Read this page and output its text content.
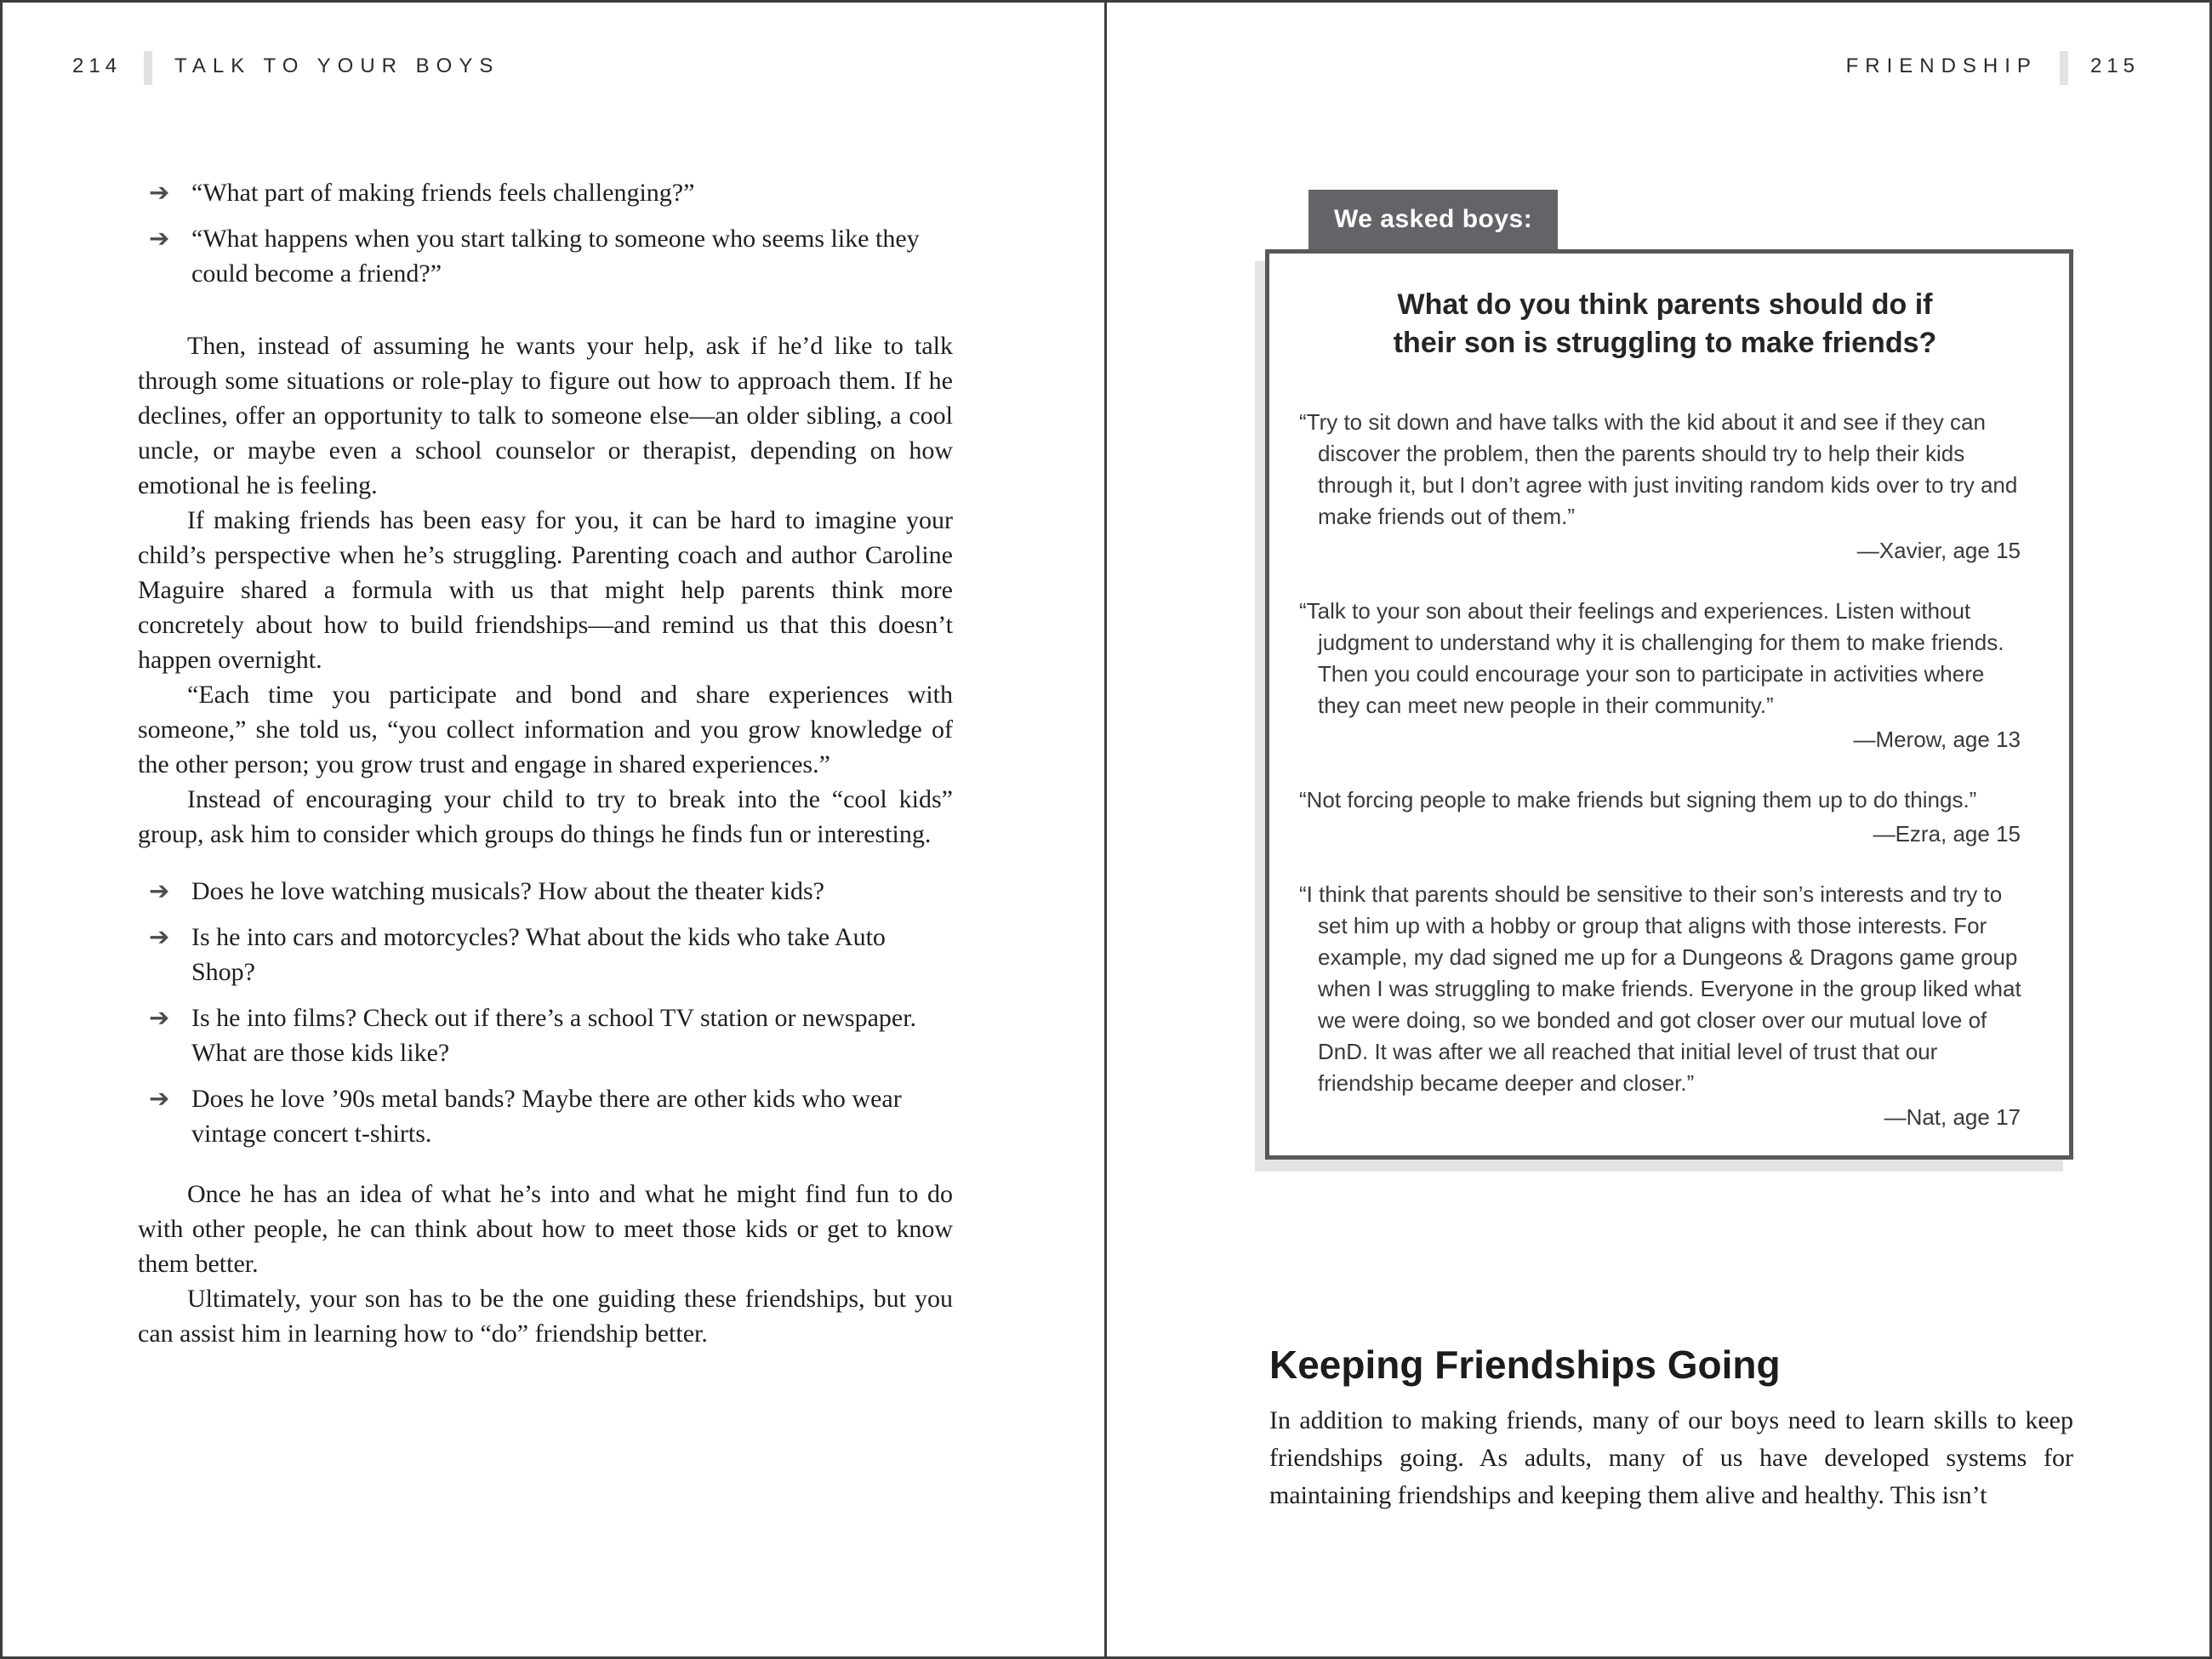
214	TALK TO YOUR BOYS
➔ “What part of making friends feels challenging?”
➔ “What happens when you start talking to someone who seems like they could become a friend?”

Then, instead of assuming he wants your help, ask if he’d like to talk through some situations or role-play to figure out how to approach them. If he declines, offer an opportunity to talk to someone else—an older sibling, a cool uncle, or maybe even a school counselor or therapist, depending on how emotional he is feeling.

If making friends has been easy for you, it can be hard to imagine your child’s perspective when he’s struggling. Parenting coach and author Caroline Maguire shared a formula with us that might help parents think more concretely about how to build friendships—and remind us that this doesn’t happen overnight.

“Each time you participate and bond and share experiences with someone,” she told us, “you collect information and you grow knowledge of the other person; you grow trust and engage in shared experiences.”

Instead of encouraging your child to try to break into the “cool kids” group, ask him to consider which groups do things he finds fun or interesting.

➔ Does he love watching musicals? How about the theater kids?
➔ Is he into cars and motorcycles? What about the kids who take Auto Shop?
➔ Is he into films? Check out if there’s a school TV station or newspaper. What are those kids like?
➔ Does he love ’90s metal bands? Maybe there are other kids who wear vintage concert t-shirts.

Once he has an idea of what he’s into and what he might find fun to do with other people, he can think about how to meet those kids or get to know them better.

Ultimately, your son has to be the one guiding these friendships, but you can assist him in learning how to “do” friendship better.

FRIENDSHIP	215
We asked boys:
What do you think parents should do if
their son is struggling to make friends?
“Try to sit down and have talks with the kid about it and see if they can discover the problem, then the parents should try to help their kids through it, but I don’t agree with just inviting random kids over to try and make friends out of them.”
—Xavier, age 15
“Talk to your son about their feelings and experiences. Listen without judgment to understand why it is challenging for them to make friends. Then you could encourage your son to participate in activities where they can meet new people in their community.”
—Merow, age 13
“Not forcing people to make friends but signing them up to do things.”
—Ezra, age 15
“I think that parents should be sensitive to their son’s interests and try to set him up with a hobby or group that aligns with those interests. For example, my dad signed me up for a Dungeons & Dragons game group when I was struggling to make friends. Everyone in the group liked what we were doing, so we bonded and got closer over our mutual love of DnD. It was after we all reached that initial level of trust that our friendship became deeper and closer.”
—Nat, age 17
Keeping Friendships Going

In addition to making friends, many of our boys need to learn skills to keep friendships going. As adults, many of us have developed systems for maintaining friendships and keeping them alive and healthy. This isn’t
